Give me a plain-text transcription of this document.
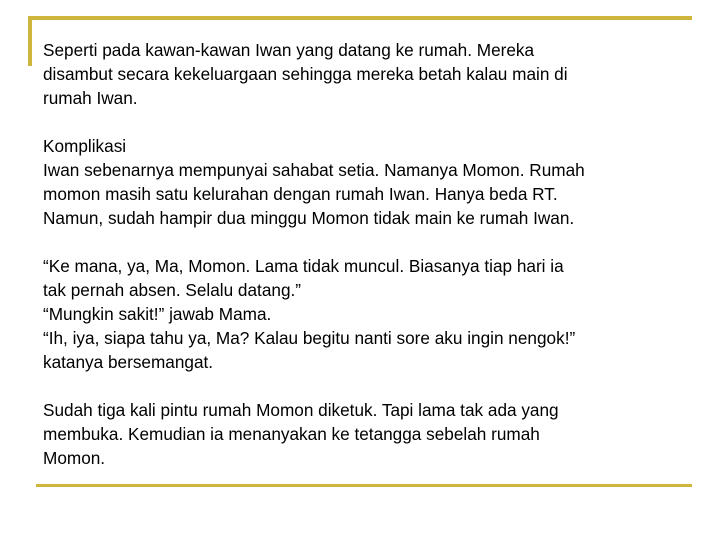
Seperti pada kawan-kawan Iwan yang datang ke rumah. Mereka
disambut secara kekeluargaan sehingga mereka betah kalau main di
rumah Iwan.

Komplikasi
Iwan sebenarnya mempunyai sahabat setia. Namanya Momon. Rumah
momon masih satu kelurahan dengan rumah Iwan. Hanya beda RT.
Namun, sudah hampir dua minggu Momon tidak main ke rumah Iwan.

“Ke mana, ya, Ma, Momon. Lama tidak muncul. Biasanya tiap hari ia
tak pernah absen. Selalu datang.”
“Mungkin sakit!” jawab Mama.
“Ih, iya, siapa tahu ya, Ma? Kalau begitu nanti sore aku ingin nengok!”
katanya bersemangat.

Sudah tiga kali pintu rumah Momon diketuk. Tapi lama tak ada yang
membuka. Kemudian ia menanyakan ke tetangga sebelah rumah
Momon.
